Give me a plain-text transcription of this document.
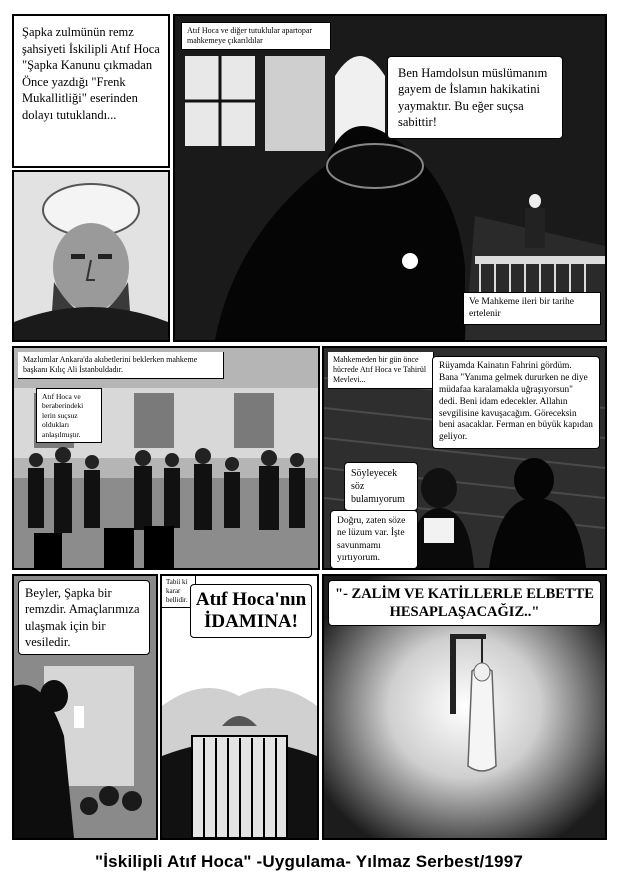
Şapka zulmünün remz şahsiyeti İskilipli Atıf Hoca "Şapka Kanunu çıkmadan Önce yazdığı "Frenk Mukallitliği" eserinden dolayı tutuklandı...
Atıf Hoca ve diğer tutuklular apartopar mahkemeye çıkarıldılar
Ben Hamdolsun müslümanım gayem de İslamın hakikatini yaymaktır. Bu eğer suçsa sabittir!
Ve Mahkeme ileri bir tarihe ertelenir
Mazlumlar Ankara'da akıbetlerini beklerken mahkeme başkanı Kılıç Ali İstanbuldadır.
Atıf Hoca ve beraberindeki lerin suçsuz oldukları anlaşılmıştır.
Mahkemeden bir gün önce hücrede Atıf Hoca ve Tahirül Mevlevi...
Rüyamda Kainatın Fahrini gördüm. Bana "Yanıma gelmek dururken ne diye müdafaa karalamakla uğraşıyorsun" dedi. Beni idam edecekler. Allahın sevgilisine kavuşacağım. Göreceksin beni asacaklar. Ferman en büyük kapıdan geliyor.
Söyleyecek söz bulamıyorum
Doğru, zaten söze ne lüzum var. İşte savunmamı yırtıyorum.
Beyler, Şapka bir remzdir. Amaçlarımıza ulaşmak için bir vesiledir.
Tabii ki karar bellidir. Atıf Hoca'nın İDAMINA!
"- ZALİM VE KATİLLERLE ELBETTE HESAPLAŞACAĞIZ.."
"İskilipli Atıf Hoca" -Uygulama- Yılmaz Serbest/1997
